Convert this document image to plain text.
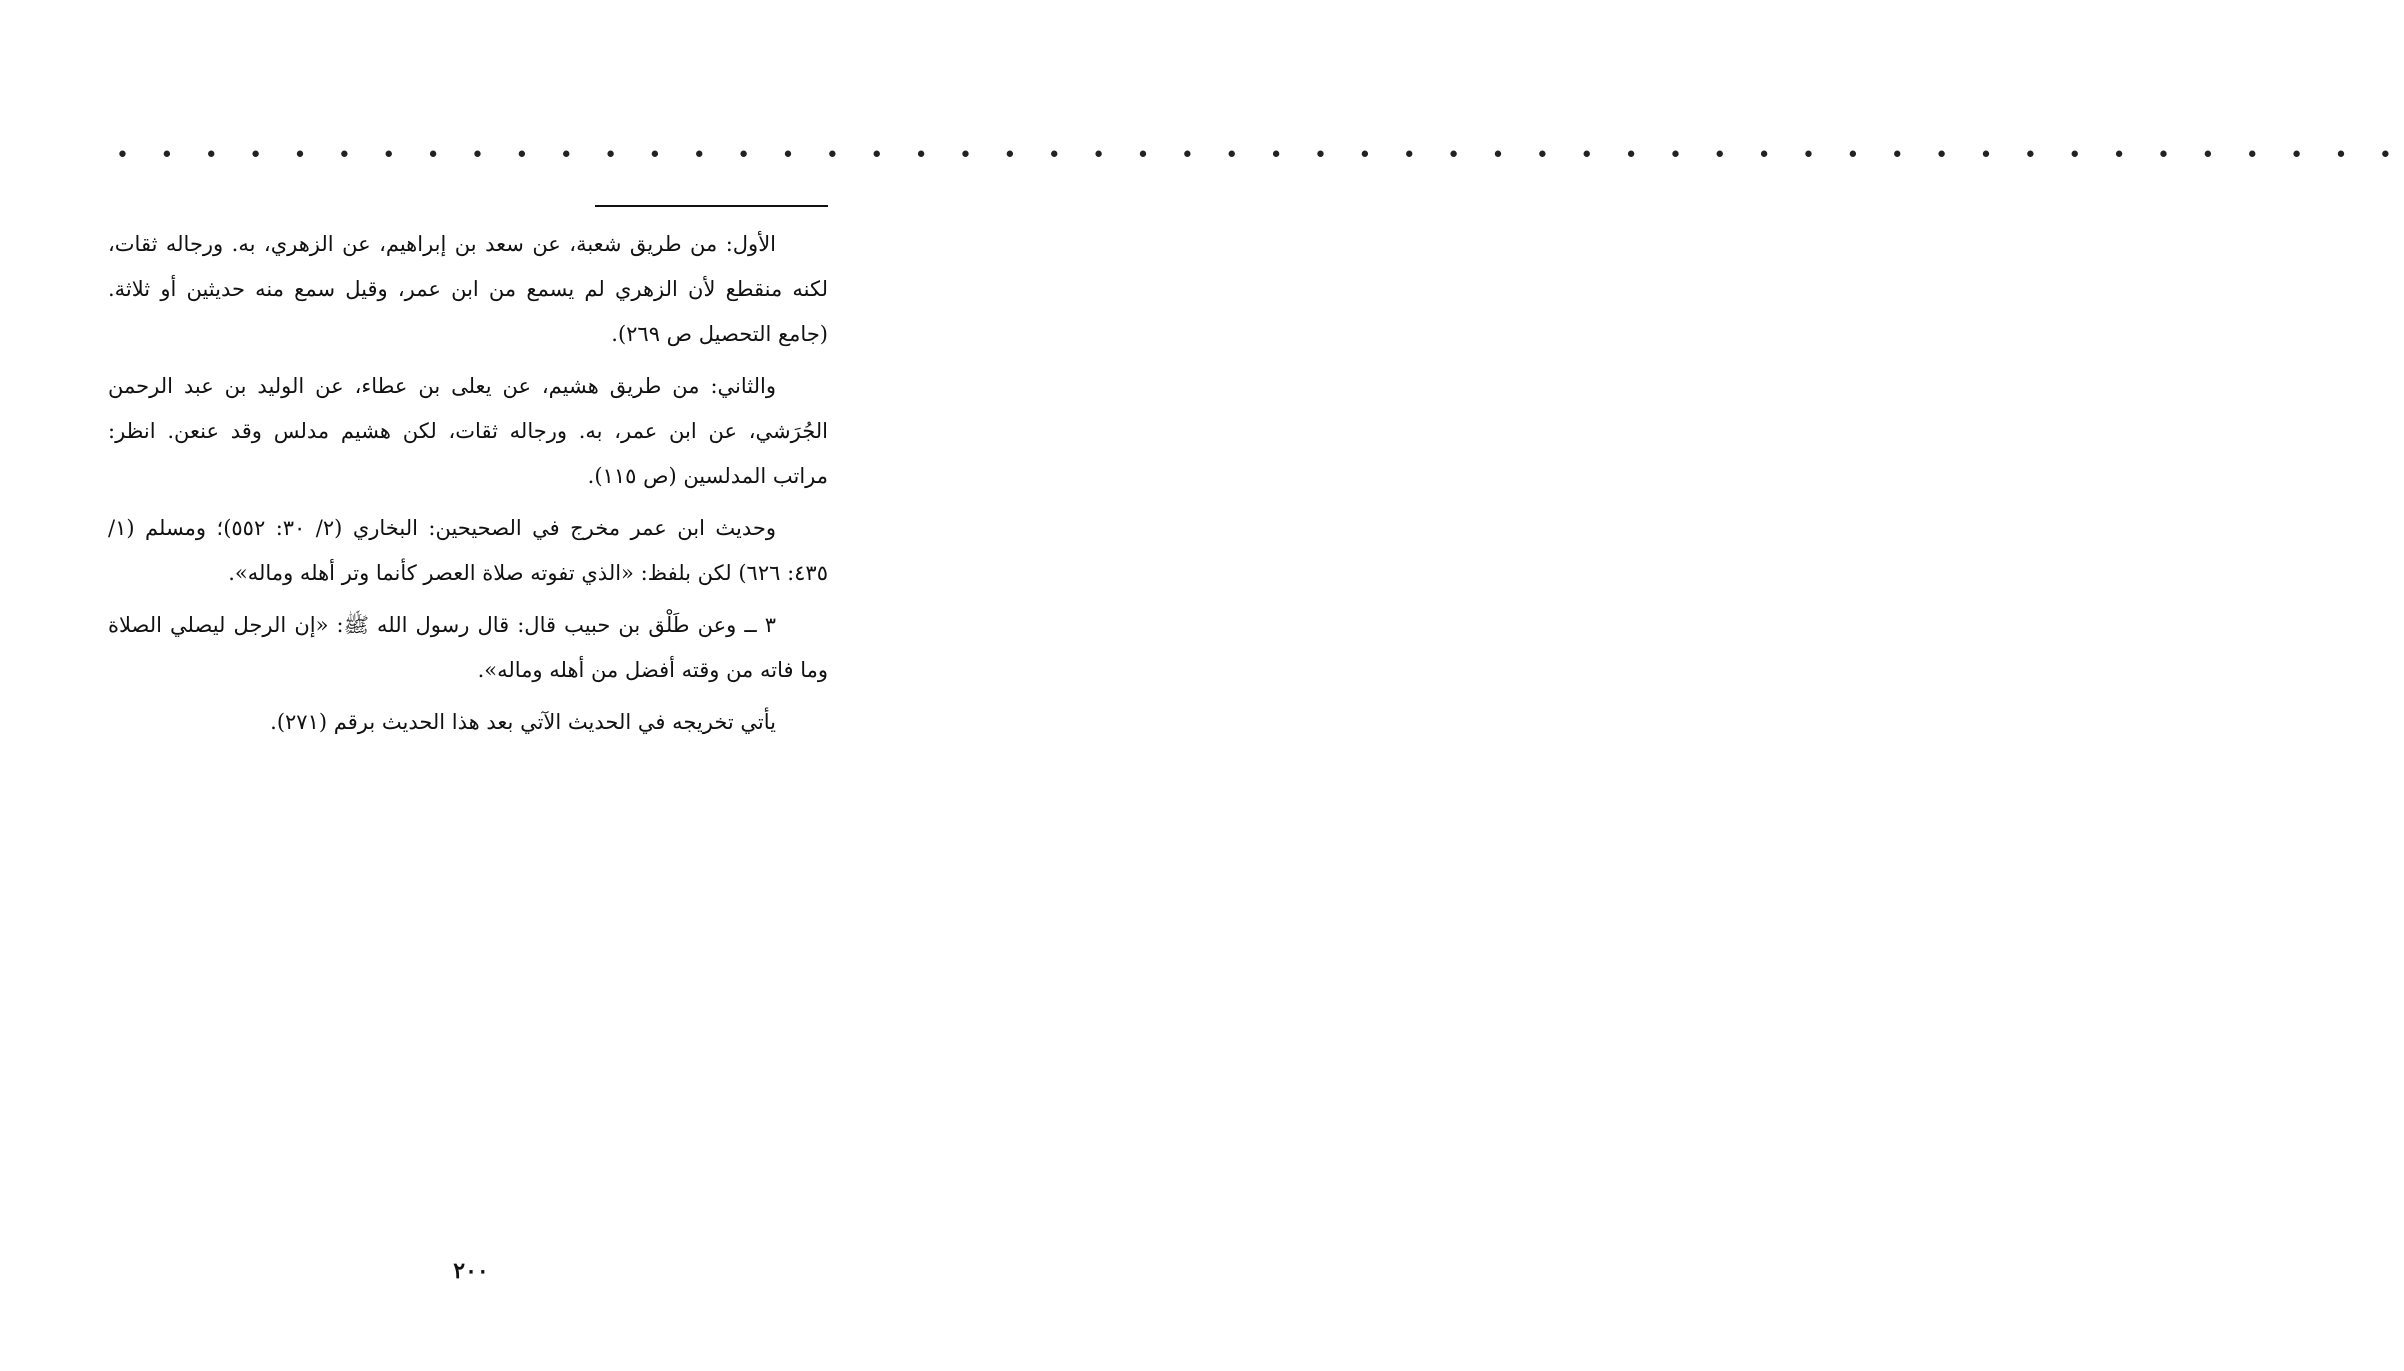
• • • • • • • • • • • • • • • • • • • • • • • • • • • • • • • • • • • • • • • • • • • • • • • • • • • •

الأول: من طريق شعبة، عن سعد بن إبراهيم، عن الزهري، به. ورجاله ثقات، لكنه منقطع لأن الزهري لم يسمع من ابن عمر، وقيل سمع منه حديثين أو ثلاثة. (جامع التحصيل ص ٢٦٩).

والثاني: من طريق هشيم، عن يعلى بن عطاء، عن الوليد بن عبد الرحمن الجُرَشي، عن ابن عمر، به. ورجاله ثقات، لكن هشيم مدلس وقد عنعن. انظر: مراتب المدلسين (ص ١١٥).

وحديث ابن عمر مخرج في الصحيحين: البخاري (٢/ ٣٠: ٥٥٢)؛ ومسلم (١/ ٤٣٥: ٦٢٦) لكن بلفظ: «الذي تفوته صلاة العصر كأنما وتر أهله وماله».

٣ ــ وعن طَلْق بن حبيب قال: قال رسول الله ﷺ: «إن الرجل ليصلي الصلاة وما فاته من وقته أفضل من أهله وماله».

يأتي تخريجه في الحديث الآتي بعد هذا الحديث برقم (٢٧١).

٢٠٠
